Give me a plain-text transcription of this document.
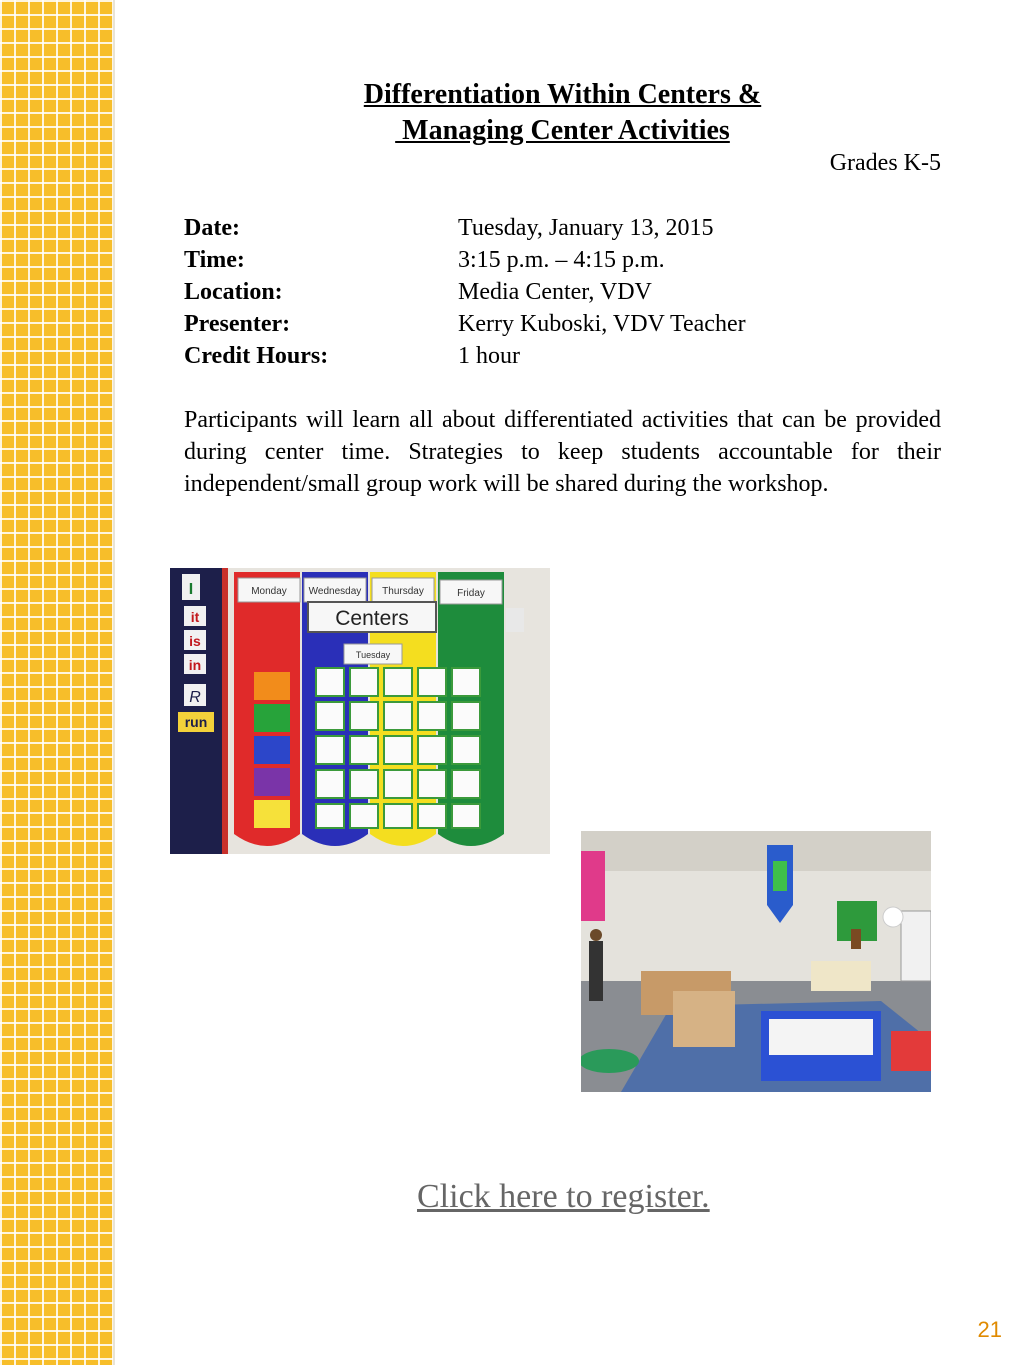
Differentiation Within Centers &
Managing Center Activities
Grades K-5
Date:	Tuesday, January 13, 2015
Time:	3:15 p.m. – 4:15 p.m.
Location:	Media Center, VDV
Presenter:	Kerry Kuboski, VDV Teacher
Credit Hours:	1 hour

Participants will learn all about differentiated activities that can be provided during center time. Strategies to keep students accountable for their independent/small group work will be shared during the workshop.

I
it
is
in
R
run
Monday Wednesday Thursday	Friday
Centers
Tuesday
Click here to register.
21
